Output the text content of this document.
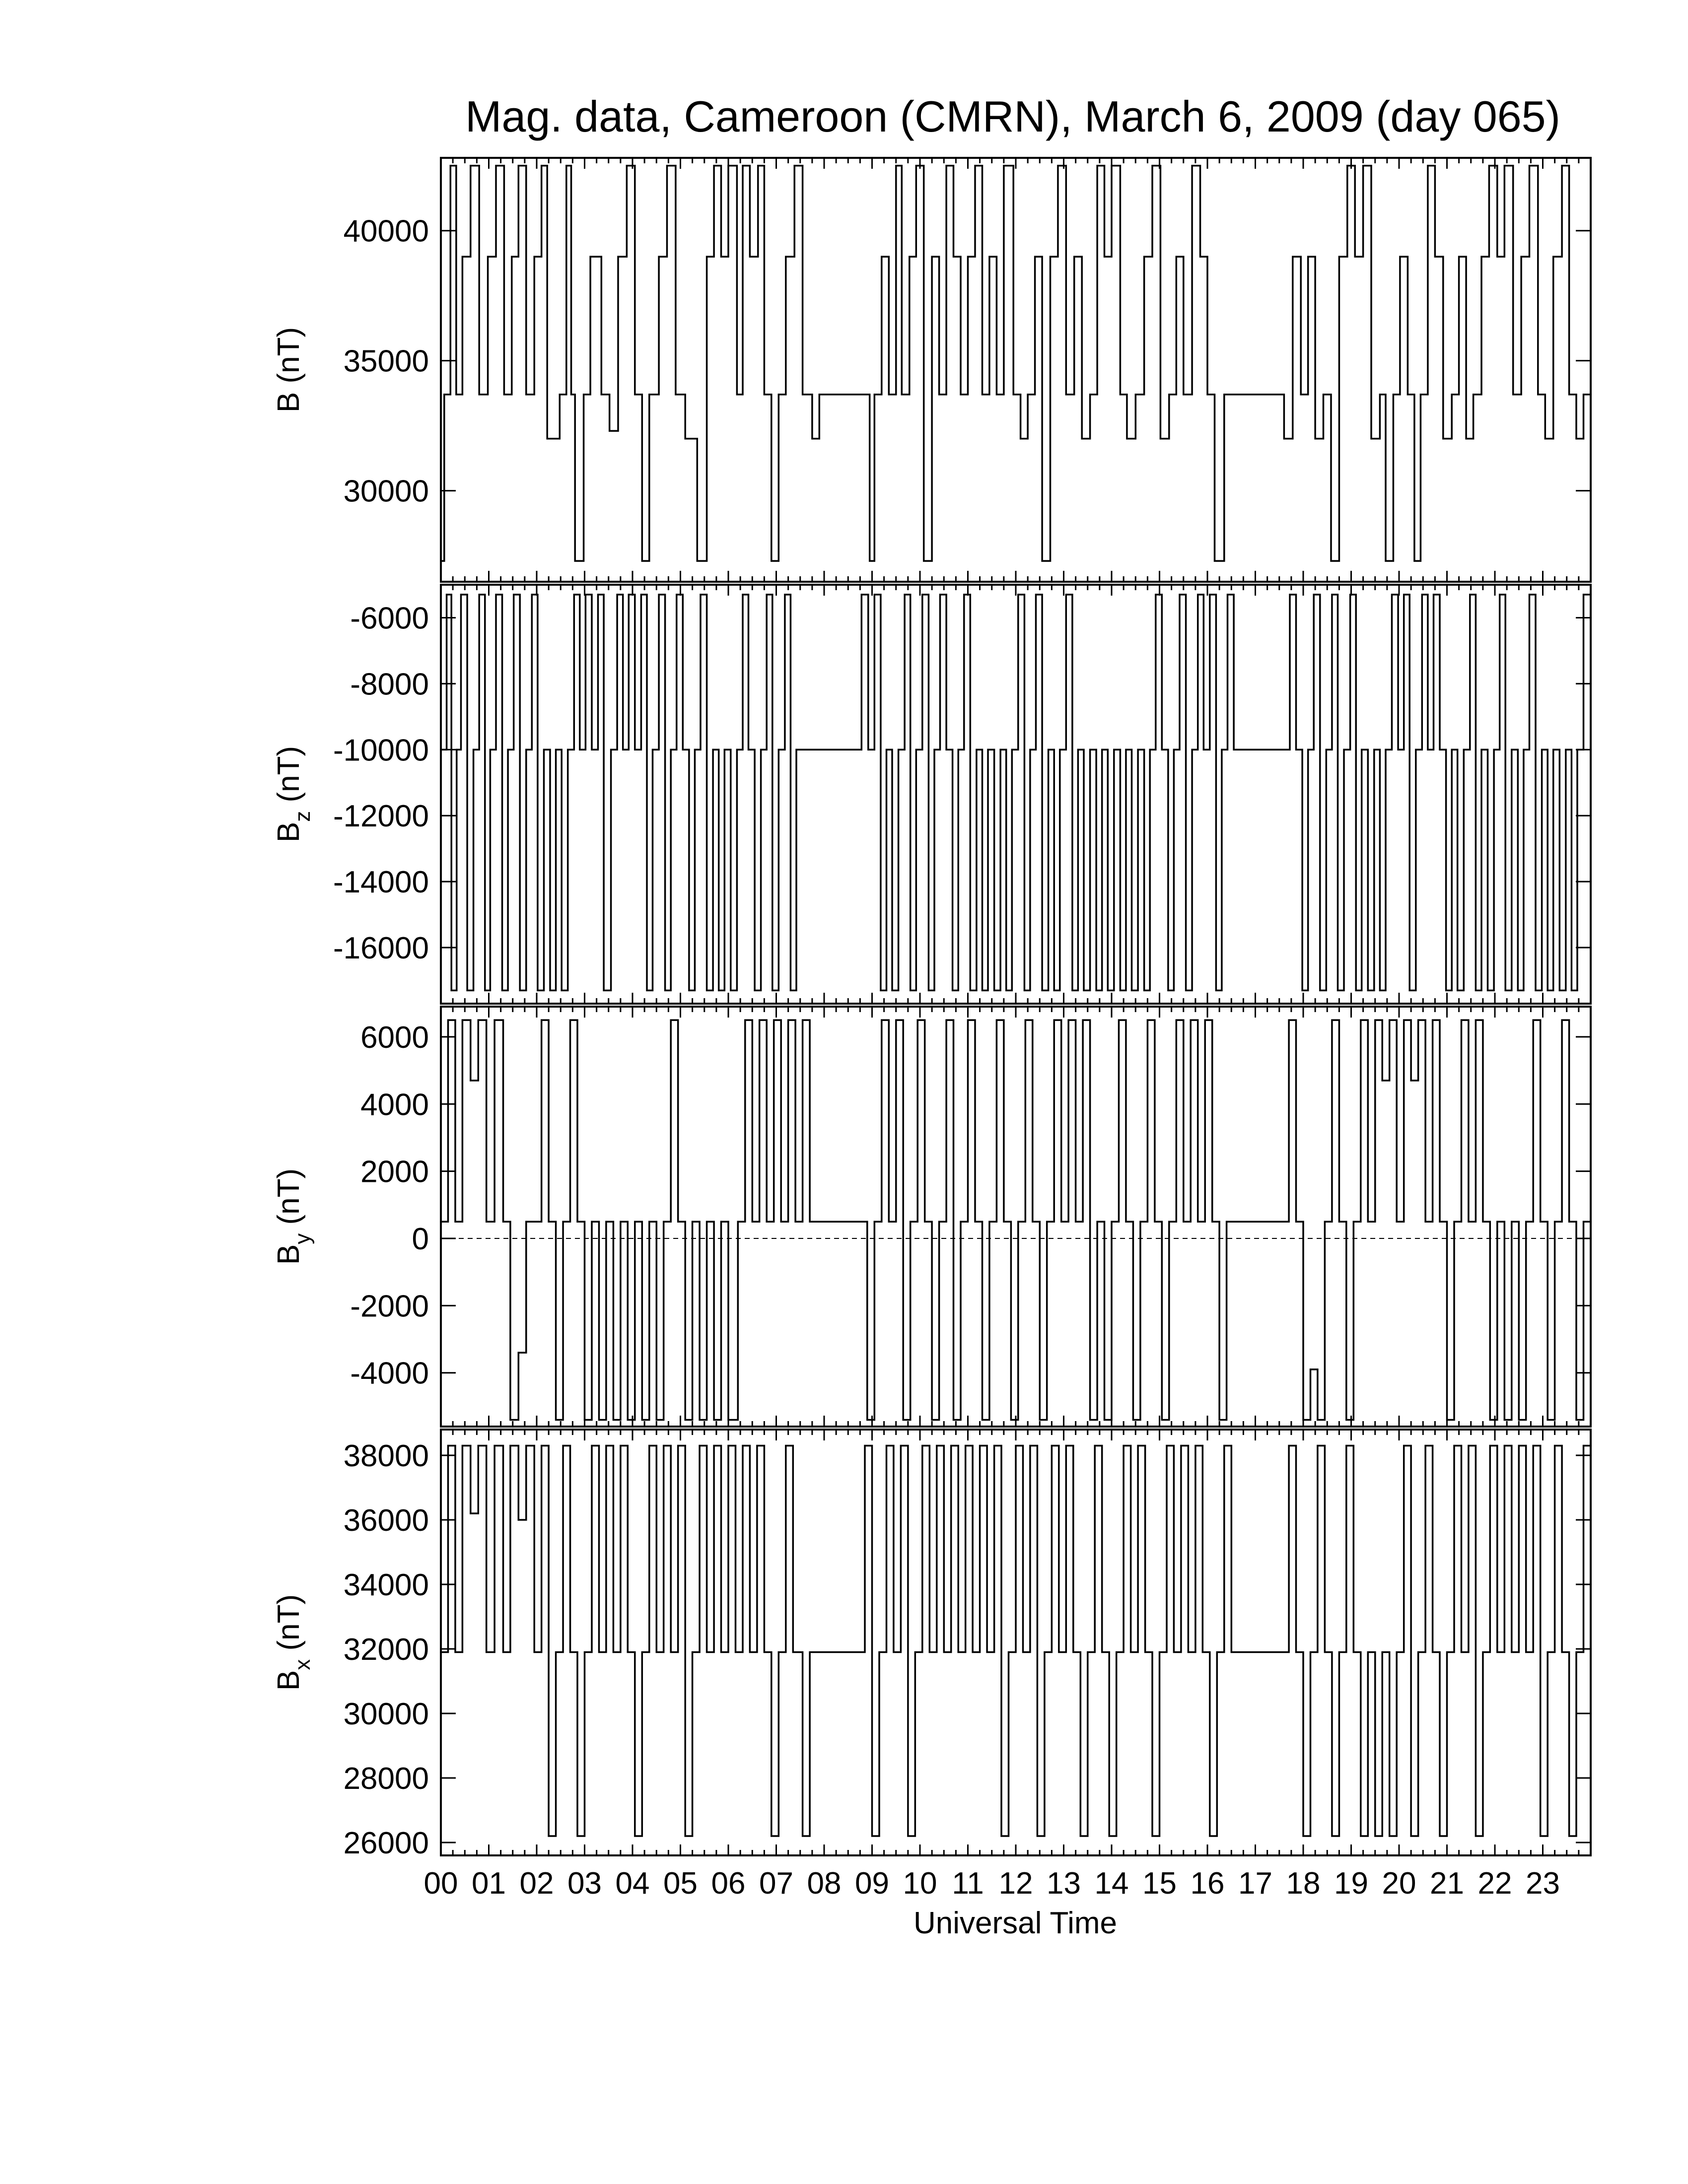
Mag. data, Cameroon (CMRN), March 6, 2009 (day 065)
30000
35000
40000
B (nT)
-16000
-14000
-12000
-10000
-8000
-6000
$B_z$ (nT)
-4000
-2000
0
2000
4000
6000
$B_y$ (nT)
26000
28000
30000
32000
34000
36000
38000
$B_x$ (nT)
00 01 02 03 04 05 06 07 08 09 10 11 12 13 14 15 16 17 18 19 20 21 22 23
Universal Time
